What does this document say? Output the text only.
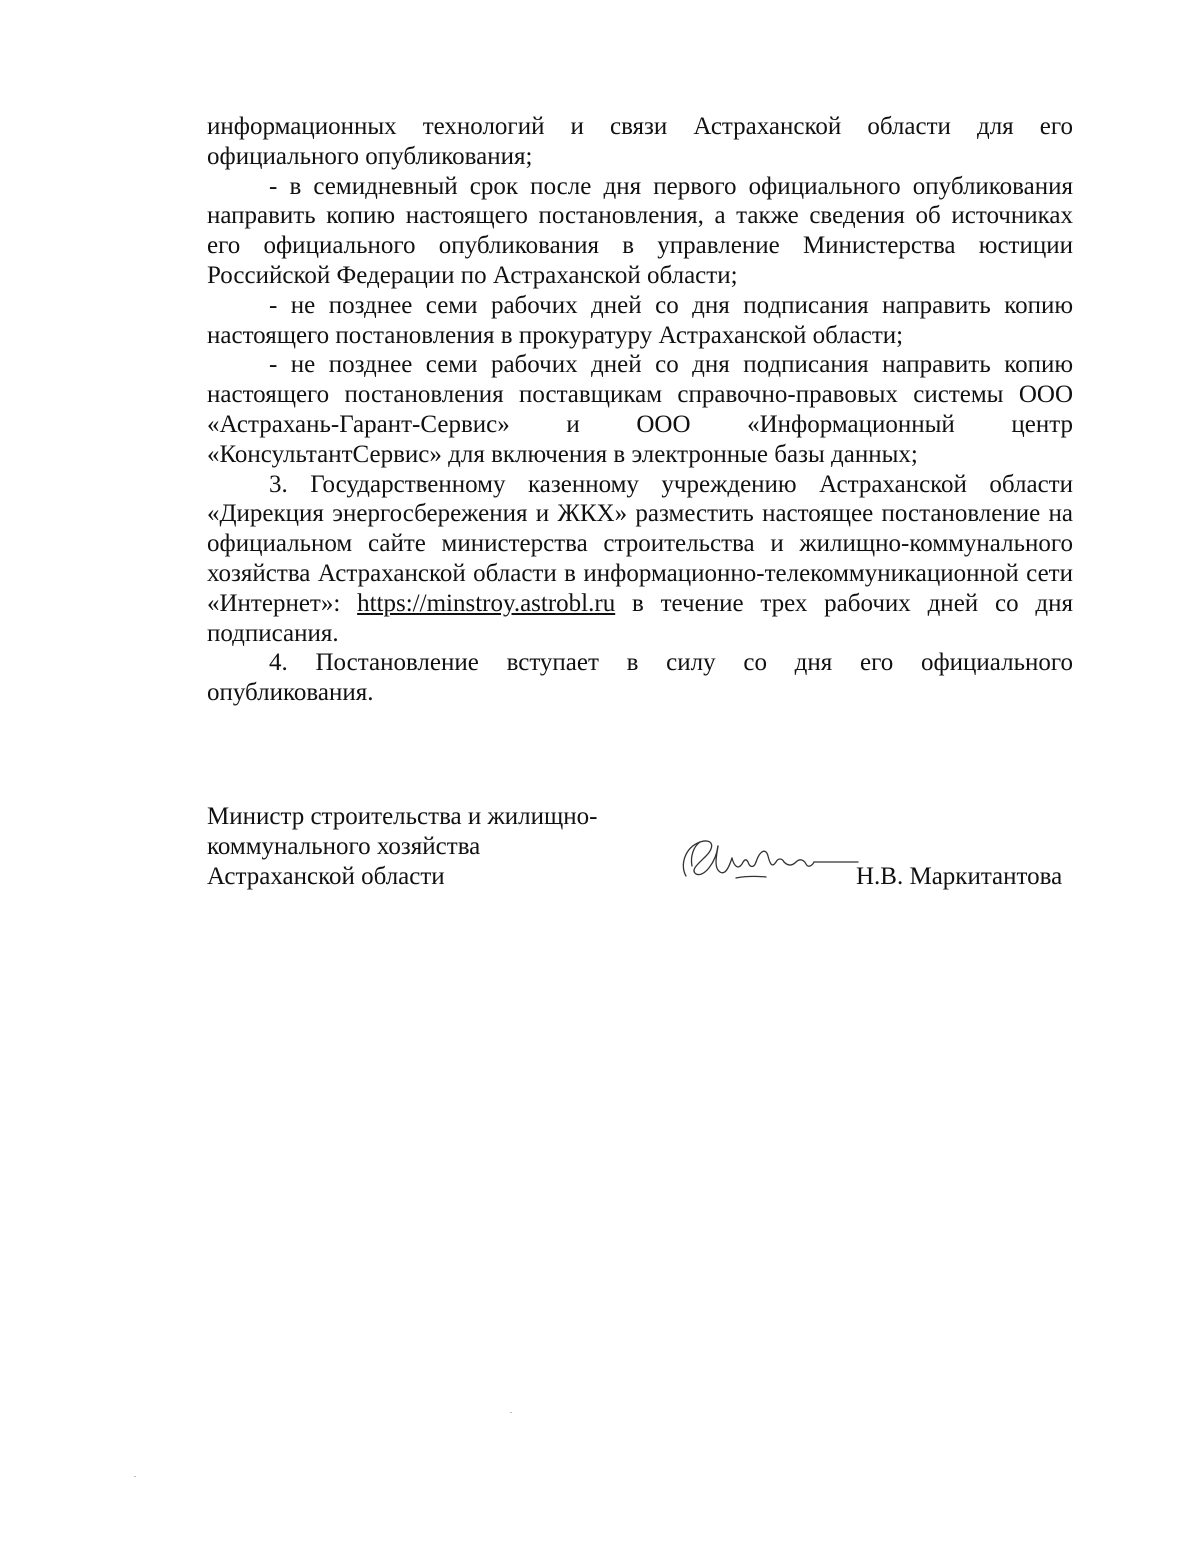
информационных технологий и связи Астраханской области для его официального опубликования;

- в семидневный срок после дня первого официального опубликования направить копию настоящего постановления, а также сведения об источниках его официального опубликования в управление Министерства юстиции Российской Федерации по Астраханской области;

- не позднее семи рабочих дней со дня подписания направить копию настоящего постановления в прокуратуру Астраханской области;

- не позднее семи рабочих дней со дня подписания направить копию настоящего постановления поставщикам справочно-правовых системы ООО «Астрахань-Гарант-Сервис» и ООО «Информационный центр «КонсультантСервис» для включения в электронные базы данных;

3. Государственному казенному учреждению Астраханской области «Дирекция энергосбережения и ЖКХ» разместить настоящее постановление на официальном сайте министерства строительства и жилищно-коммунального хозяйства Астраханской области в информационно-телекоммуникационной сети «Интернет»: https://minstroy.astrobl.ru в течение трех рабочих дней со дня подписания.

4. Постановление вступает в силу со дня его официального опубликования.

Министр строительства и жилищно-
коммунального хозяйства
Астраханской области	Н.В. Маркитантова
